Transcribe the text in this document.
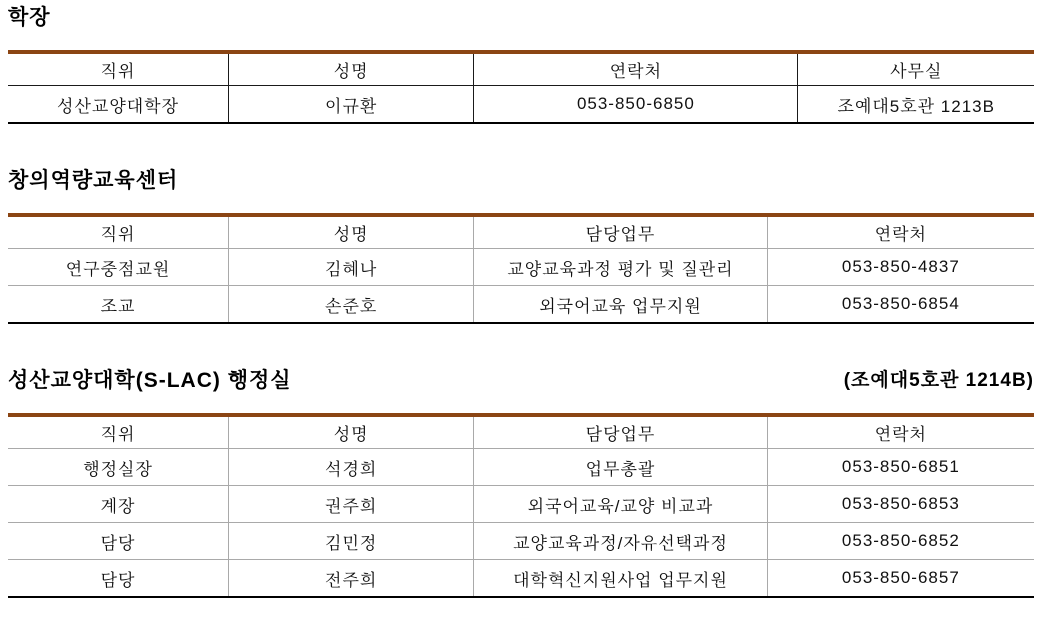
학장
직위	성명	연락처	사무실
성산교양대학장	이규환	053-850-6850	조예대5호관 1213B
창의역량교육센터
직위	성명	담당업무	연락처
연구중점교원	김혜나	교양교육과정 평가 및 질관리	053-850-4837
조교	손준호	외국어교육 업무지원	053-850-6854
성산교양대학(S-LAC) 행정실	(조예대5호관 1214B)
직위	성명	담당업무	연락처
행정실장	석경희	업무총괄	053-850-6851
계장	권주희	외국어교육/교양 비교과	053-850-6853
담당	김민정	교양교육과정/자유선택과정	053-850-6852
담당	전주희	대학혁신지원사업 업무지원	053-850-6857
